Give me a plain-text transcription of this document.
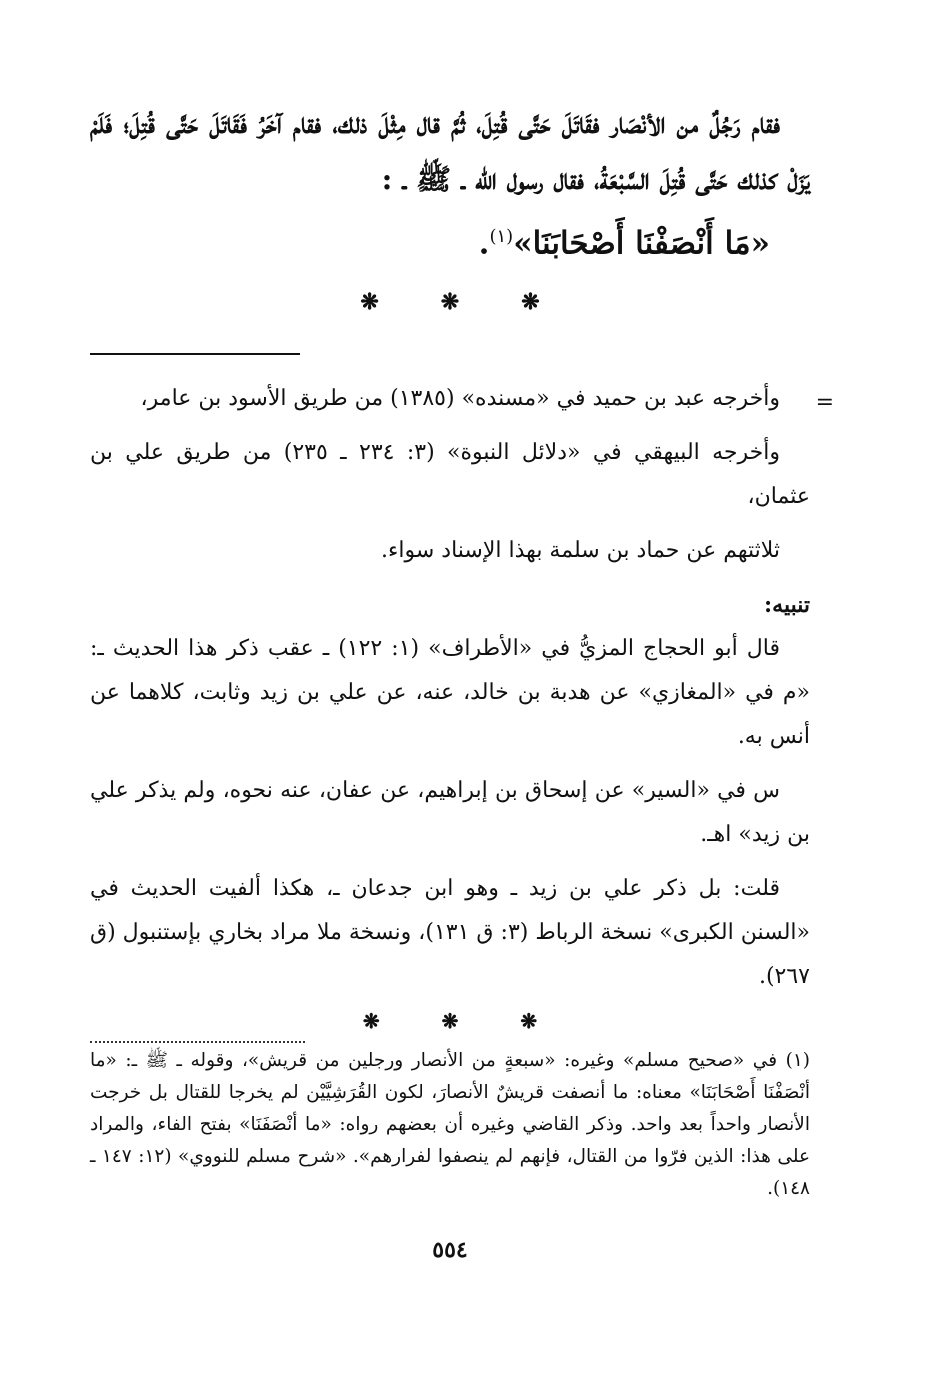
فقام رَجُلٌ من الأنْصَار فقَاتَلَ حَتَّى قُتِلَ، ثُمَّ قال مِثْلَ ذلك، فقام آخَرُ فَقَاتَلَ حَتَّى قُتِلَ؛ فَلَمْ يَزَلْ كذلك حَتَّى قُتِلَ السَّبْعَةُ، فقال رسول الله ـ ﷺ ـ :

«مَا أَنْصَفْنَا أَصْحَابَنَا»$^{(١)}$.
❋
❋
❋
=

وأخرجه عبد بن حميد في «مسنده» (١٣٨٥) من طريق الأسود بن عامر،

وأخرجه البيهقي في «دلائل النبوة» (٣: ٢٣٤ ـ ٢٣٥) من طريق علي بن عثمان،

ثلاثتهم عن حماد بن سلمة بهذا الإسناد سواء.

تنبيه:

قال أبو الحجاج المزيُّ في «الأطراف» (١: ١٢٢) ـ عقب ذكر هذا الحديث ـ: «م في «المغازي» عن هدبة بن خالد، عنه، عن علي بن زيد وثابت، كلاهما عن أنس به.

س في «السير» عن إسحاق بن إبراهيم، عن عفان، عنه نحوه، ولم يذكر علي بن زيد» اهـ.

قلت: بل ذكر علي بن زيد ـ وهو ابن جدعان ـ، هكذا ألفيت الحديث في «السنن الكبرى» نسخة الرباط (٣: ق ١٣١)، ونسخة ملا مراد بخاري بإستنبول (ق ٢٦٧).

❋
❋
❋

(١) في «صحيح مسلم» وغيره: «سبعةٍ من الأنصار ورجلين من قريش»، وقوله ـ ﷺ ـ: «ما أنْصَفْنَا أَصْحَابَنَا» معناه: ما أنصفت قريشٌ الأنصارَ، لكون القُرَشِيَّيْن لم يخرجا للقتال بل خرجت الأنصار واحداً بعد واحد. وذكر القاضي وغيره أن بعضهم رواه: «ما أنْصَفَنَا» بفتح الفاء، والمراد على هذا: الذين فرّوا من القتال، فإنهم لم ينصفوا لفرارهم». «شرح مسلم للنووي» (١٢: ١٤٧ ـ ١٤٨).

٥٥٤
